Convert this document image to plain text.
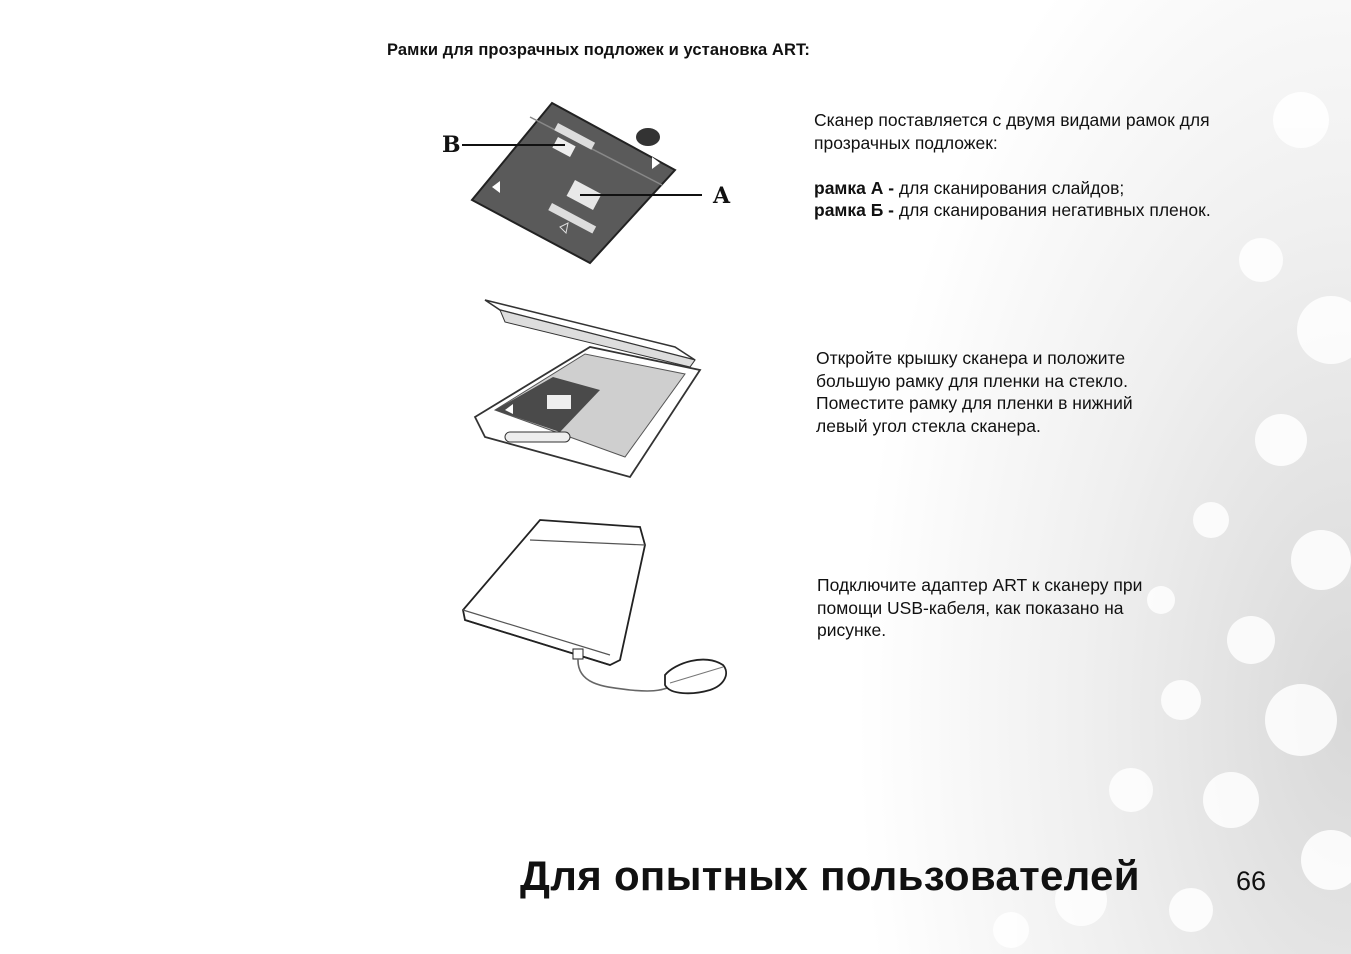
Рамки для прозрачных подложек и установка ART:
B
A
Сканер поставляется с двумя видами рамок для прозрачных подложек:

рамка А - для сканирования слайдов;
рамка Б - для сканирования негативных пленок.
Откройте крышку сканера и положите большую рамку для пленки на стекло. Поместите рамку для пленки в нижний левый угол стекла сканера.
Подключите адаптер ART к сканеру при помощи USB-кабеля, как показано на рисунке.
Для опытных пользователей	66
